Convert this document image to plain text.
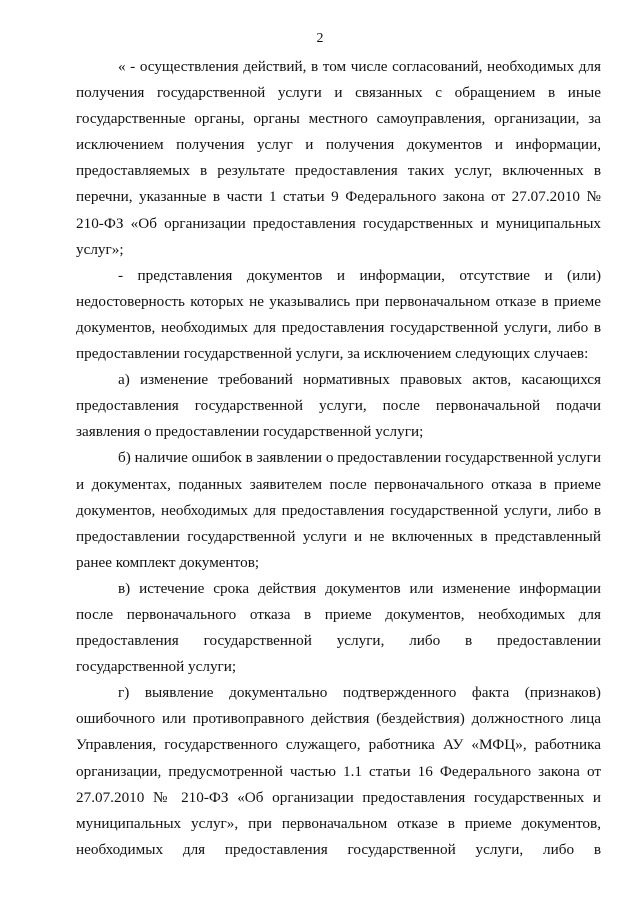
2

« - осуществления действий, в том числе согласований, необходимых для получения государственной услуги и связанных с обращением в иные государственные органы, органы местного самоуправления, организации, за исключением получения услуг и получения документов и информации, предоставляемых в результате предоставления таких услуг, включенных в перечни, указанные в части 1 статьи 9 Федерального закона от 27.07.2010 № 210-ФЗ «Об организации предоставления государственных и муниципальных услуг»;

- представления документов и информации, отсутствие и (или) недостоверность которых не указывались при первоначальном отказе в приеме документов, необходимых для предоставления государственной услуги, либо в предоставлении государственной услуги, за исключением следующих случаев:

а) изменение требований нормативных правовых актов, касающихся предоставления государственной услуги, после первоначальной подачи заявления о предоставлении государственной услуги;

б) наличие ошибок в заявлении о предоставлении государственной услуги и документах, поданных заявителем после первоначального отказа в приеме документов, необходимых для предоставления государственной услуги, либо в предоставлении государственной услуги и не включенных в представленный ранее комплект документов;

в) истечение срока действия документов или изменение информации после первоначального отказа в приеме документов, необходимых для предоставления государственной услуги, либо в предоставлении государственной услуги;

г) выявление документально подтвержденного факта (признаков) ошибочного или противоправного действия (бездействия) должностного лица Управления, государственного служащего, работника АУ «МФЦ», работника организации, предусмотренной частью 1.1 статьи 16 Федерального закона от 27.07.2010 № 210-ФЗ «Об организации предоставления государственных и муниципальных услуг», при первоначальном отказе в приеме документов, необходимых для предоставления государственной услуги, либо в
